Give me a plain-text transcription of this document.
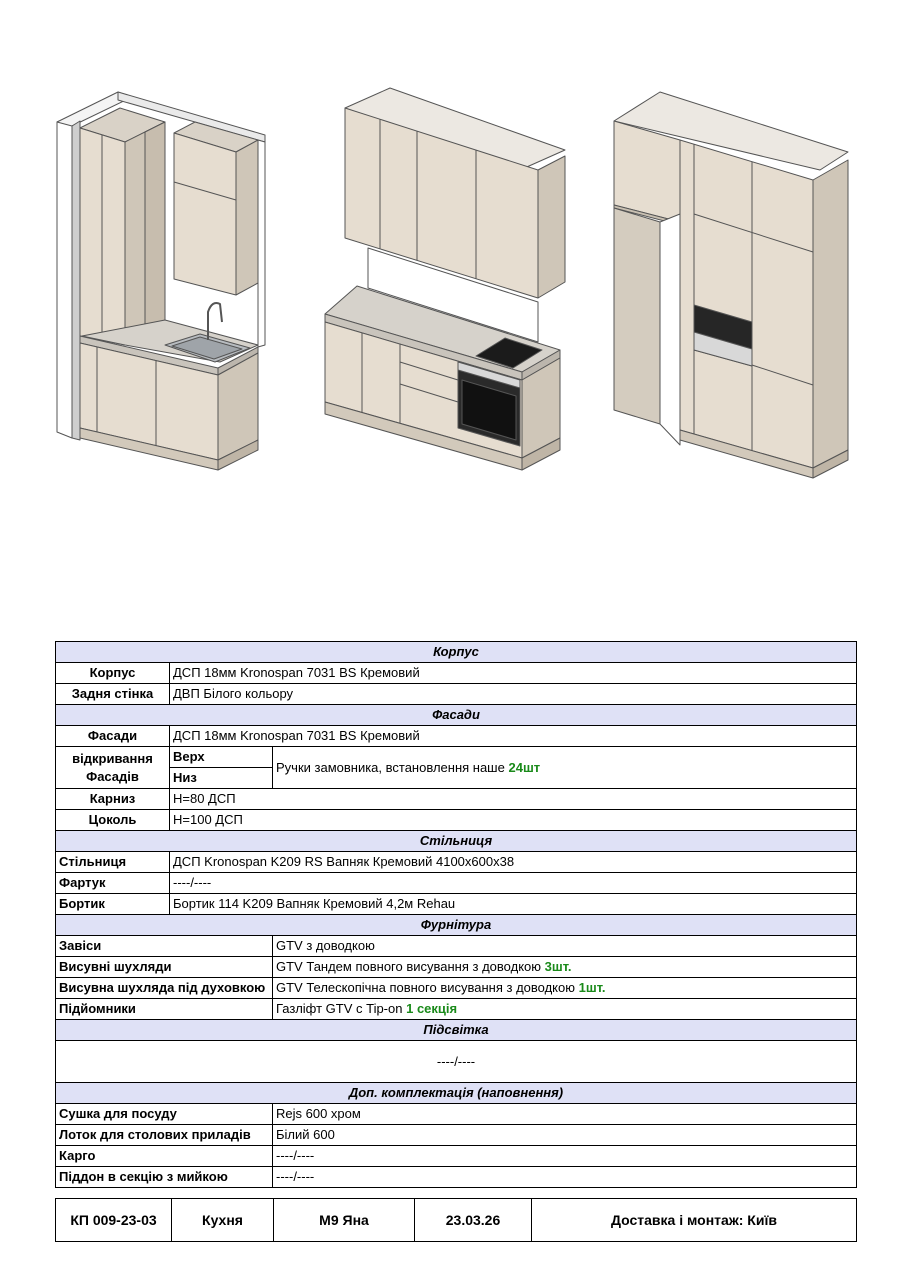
Корпус		
Корпус	ДСП 18мм Kronospan 7031 BS Кремовий	
Задня стінка	ДВП Білого кольору	
Фасади		
Фасади	ДСП 18мм Kronospan 7031 BS Кремовий	
відкривання Фасадів	Верх	Ручки замовника, встановлення наше 24шт
	Низ	
Карниз	Н=80 ДСП	
Цоколь	Н=100 ДСП	
Стільниця		
Стільниця	ДСП Kronospan K209 RS Вапняк Кремовий 4100х600х38	
Фартук	----/----	
Бортик	Бортик 114 K209 Вапняк Кремовий 4,2м Rehau	
Фурнітура		
Завіси		GTV з доводкою
Висувні шухляди		GTV Тандем повного висування з доводкою 3шт.
Висувна шухляда під духовкою		GTV Телескопічна повного висування з доводкою 1шт.
Підйомники		Газліфт GTV с Tip-on 1 секція
Підсвітка		
----/----		
Доп. комплектація (наповнення)		
Сушка для посуду		Rejs 600 хром
Лоток для столових приладів		Білий 600
Карго		----/----
Піддон в секцію з мийкою		----/----
КП 009-23-03	Кухня	М9 Яна	23.03.26	Доставка і монтаж: Київ
